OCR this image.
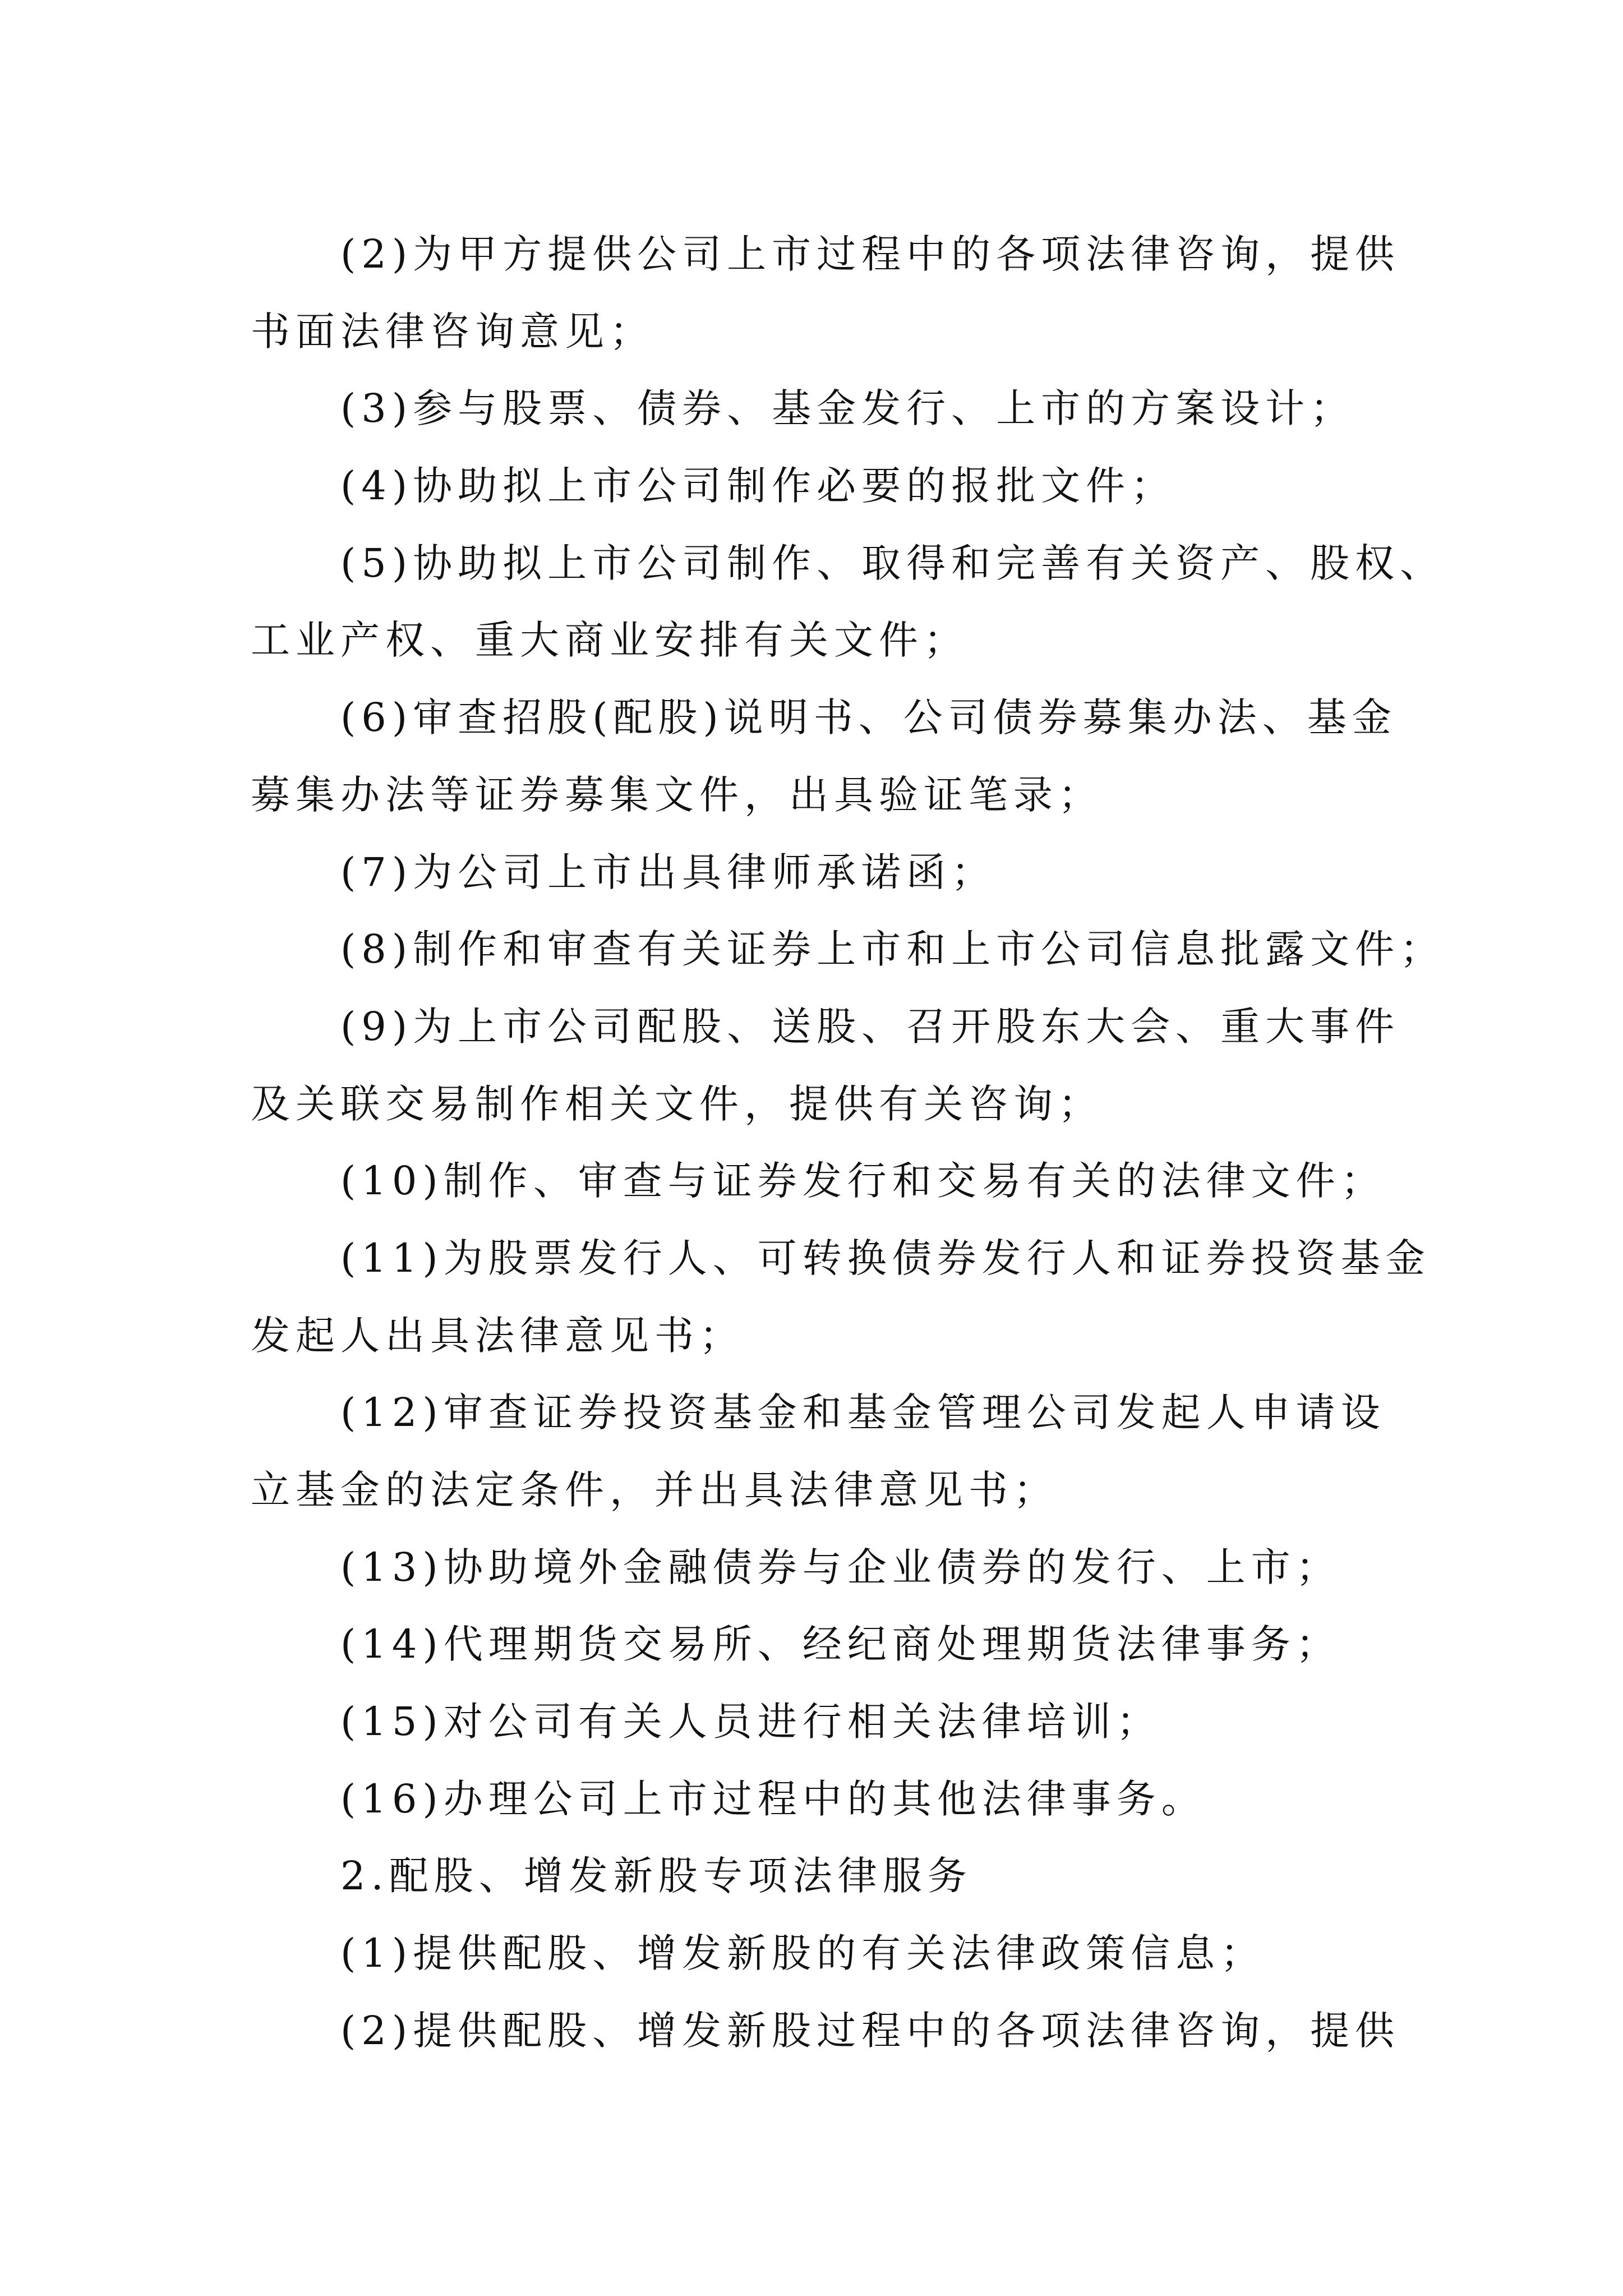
(2)为甲方提供公司上市过程中的各项法律咨询，提供
书面法律咨询意见；
(3)参与股票、债券、基金发行、上市的方案设计；
(4)协助拟上市公司制作必要的报批文件；
(5)协助拟上市公司制作、取得和完善有关资产、股权、
工业产权、重大商业安排有关文件；
(6)审查招股(配股)说明书、公司债券募集办法、基金
募集办法等证券募集文件，出具验证笔录；
(7)为公司上市出具律师承诺函；
(8)制作和审查有关证券上市和上市公司信息批露文件；
(9)为上市公司配股、送股、召开股东大会、重大事件
及关联交易制作相关文件，提供有关咨询；
(10)制作、审查与证券发行和交易有关的法律文件；
(11)为股票发行人、可转换债券发行人和证券投资基金
发起人出具法律意见书；
(12)审查证券投资基金和基金管理公司发起人申请设
立基金的法定条件，并出具法律意见书；
(13)协助境外金融债券与企业债券的发行、上市；
(14)代理期货交易所、经纪商处理期货法律事务；
(15)对公司有关人员进行相关法律培训；
(16)办理公司上市过程中的其他法律事务。
2.配股、增发新股专项法律服务
(1)提供配股、增发新股的有关法律政策信息；
(2)提供配股、增发新股过程中的各项法律咨询，提供
